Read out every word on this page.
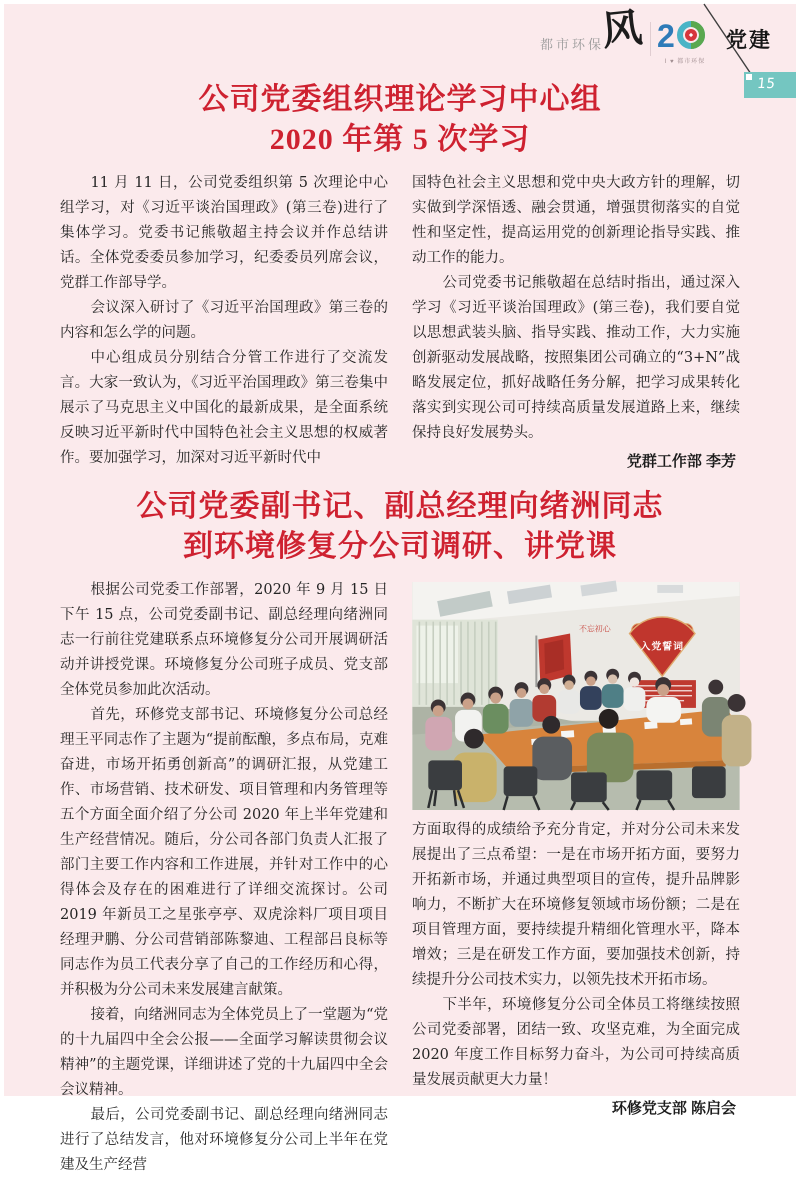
都市环保
风 2
I ♥ 都市环保
党建
15
公司党委组织理论学习中心组
2020 年第 5 次学习

11 月 11 日，公司党委组织第 5 次理论中心组学习，对《习近平谈治国理政》(第三卷)进行了集体学习。党委书记熊敬超主持会议并作总结讲话。全体党委委员参加学习，纪委委员列席会议，党群工作部导学。

会议深入研讨了《习近平治国理政》第三卷的内容和怎么学的问题。

中心组成员分别结合分管工作进行了交流发言。大家一致认为，《习近平治国理政》第三卷集中展示了马克思主义中国化的最新成果，是全面系统反映习近平新时代中国特色社会主义思想的权威著作。要加强学习，加深对习近平新时代中

国特色社会主义思想和党中央大政方针的理解，切实做到学深悟透、融会贯通，增强贯彻落实的自觉性和坚定性，提高运用党的创新理论指导实践、推动工作的能力。

公司党委书记熊敬超在总结时指出，通过深入学习《习近平谈治国理政》(第三卷)，我们要自觉以思想武装头脑、指导实践、推动工作，大力实施创新驱动发展战略，按照集团公司确立的“3+N”战略发展定位，抓好战略任务分解，把学习成果转化落实到实现公司可持续高质量发展道路上来，继续保持良好发展势头。

党群工作部 李芳
公司党委副书记、副总经理向绪洲同志
到环境修复分公司调研、讲党课

根据公司党委工作部署，2020 年 9 月 15 日下午 15 点，公司党委副书记、副总经理向绪洲同志一行前往党建联系点环境修复分公司开展调研活动并讲授党课。环境修复分公司班子成员、党支部全体党员参加此次活动。

首先，环修党支部书记、环境修复分公司总经理王平同志作了主题为“提前酝酿，多点布局，克难奋进，市场开拓勇创新高”的调研汇报，从党建工作、市场营销、技术研发、项目管理和内务管理等五个方面全面介绍了分公司 2020 年上半年党建和生产经营情况。随后，分公司各部门负责人汇报了部门主要工作内容和工作进展，并针对工作中的心得体会及存在的困难进行了详细交流探讨。公司 2019 年新员工之星张亭亭、双虎涂料厂项目项目经理尹鹏、分公司营销部陈黎迪、工程部吕良标等同志作为员工代表分享了自己的工作经历和心得，并积极为分公司未来发展建言献策。

接着，向绪洲同志为全体党员上了一堂题为“党的十九届四中全会公报——全面学习解读贯彻会议精神”的主题党课，详细讲述了党的十九届四中全会会议精神。

最后，公司党委副书记、副总经理向绪洲同志进行了总结发言，他对环境修复分公司上半年在党建及生产经营

不忘初心
入党誓词

方面取得的成绩给予充分肯定，并对分公司未来发展提出了三点希望：一是在市场开拓方面，要努力开拓新市场，并通过典型项目的宣传，提升品牌影响力，不断扩大在环境修复领域市场份额；二是在项目管理方面，要持续提升精细化管理水平，降本增效；三是在研发工作方面，要加强技术创新，持续提升分公司技术实力，以领先技术开拓市场。

下半年，环境修复分公司全体员工将继续按照公司党委部署，团结一致、攻坚克难，为全面完成 2020 年度工作目标努力奋斗，为公司可持续高质量发展贡献更大力量！

环修党支部 陈启会
